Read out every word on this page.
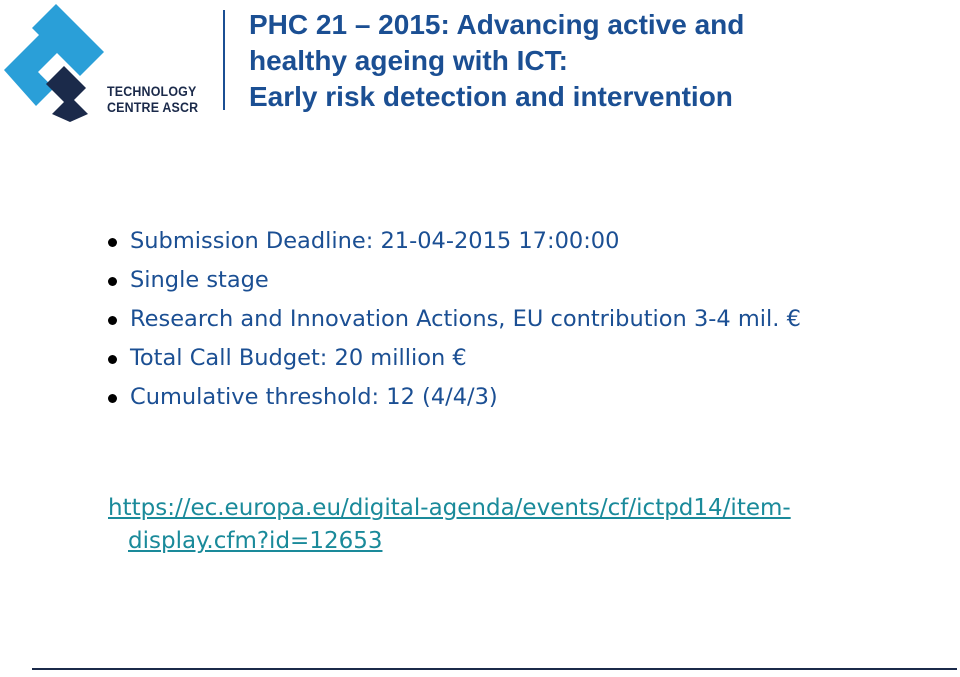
TECHNOLOGY
CENTRE ASCR
PHC 21 – 2015: Advancing active and
healthy ageing with ICT:
Early risk detection and intervention
Submission Deadline: 21-04-2015 17:00:00
Single stage
Research and Innovation Actions, EU contribution 3-4 mil. €
Total Call Budget: 20 million €
Cumulative threshold: 12 (4/4/3)
https://ec.europa.eu/digital-agenda/events/cf/ictpd14/item-
display.cfm?id=12653
